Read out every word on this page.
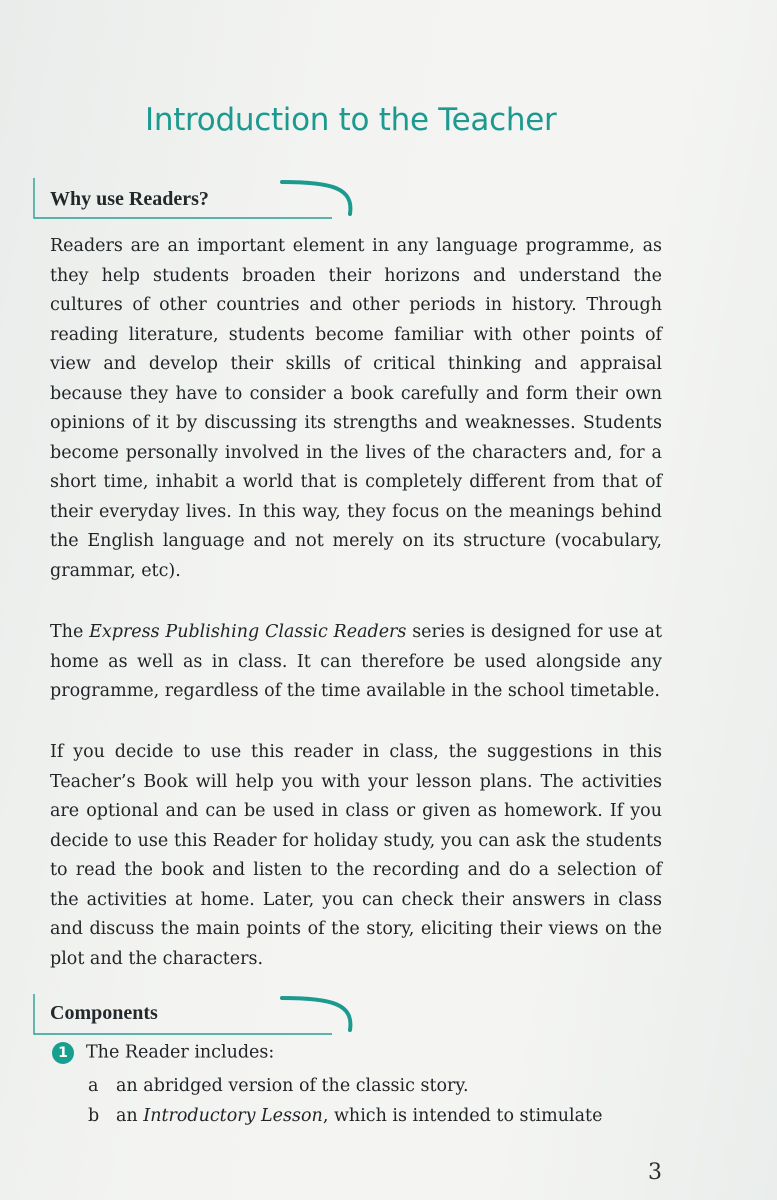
Introduction to the Teacher
Why use Readers?

Readers are an important element in any language programme, as they help students broaden their horizons and understand the cultures of other countries and other periods in history. Through reading literature, students become familiar with other points of view and develop their skills of critical thinking and appraisal because they have to consider a book carefully and form their own opinions of it by discussing its strengths and weaknesses. Students become personally involved in the lives of the characters and, for a short time, inhabit a world that is completely different from that of their everyday lives. In this way, they focus on the meanings behind the English language and not merely on its structure (vocabulary, grammar, etc).

The Express Publishing Classic Readers series is designed for use at home as well as in class. It can therefore be used alongside any programme, regardless of the time available in the school timetable.

If you decide to use this reader in class, the suggestions in this Teacher’s Book will help you with your lesson plans. The activities are optional and can be used in class or given as homework. If you decide to use this Reader for holiday study, you can ask the students to read the book and listen to the recording and do a selection of the activities at home. Later, you can check their answers in class and discuss the main points of the story, eliciting their views on the plot and the characters.

Components
1 The Reader includes:
a an abridged version of the classic story.
b an Introductory Lesson, which is intended to stimulate
3
